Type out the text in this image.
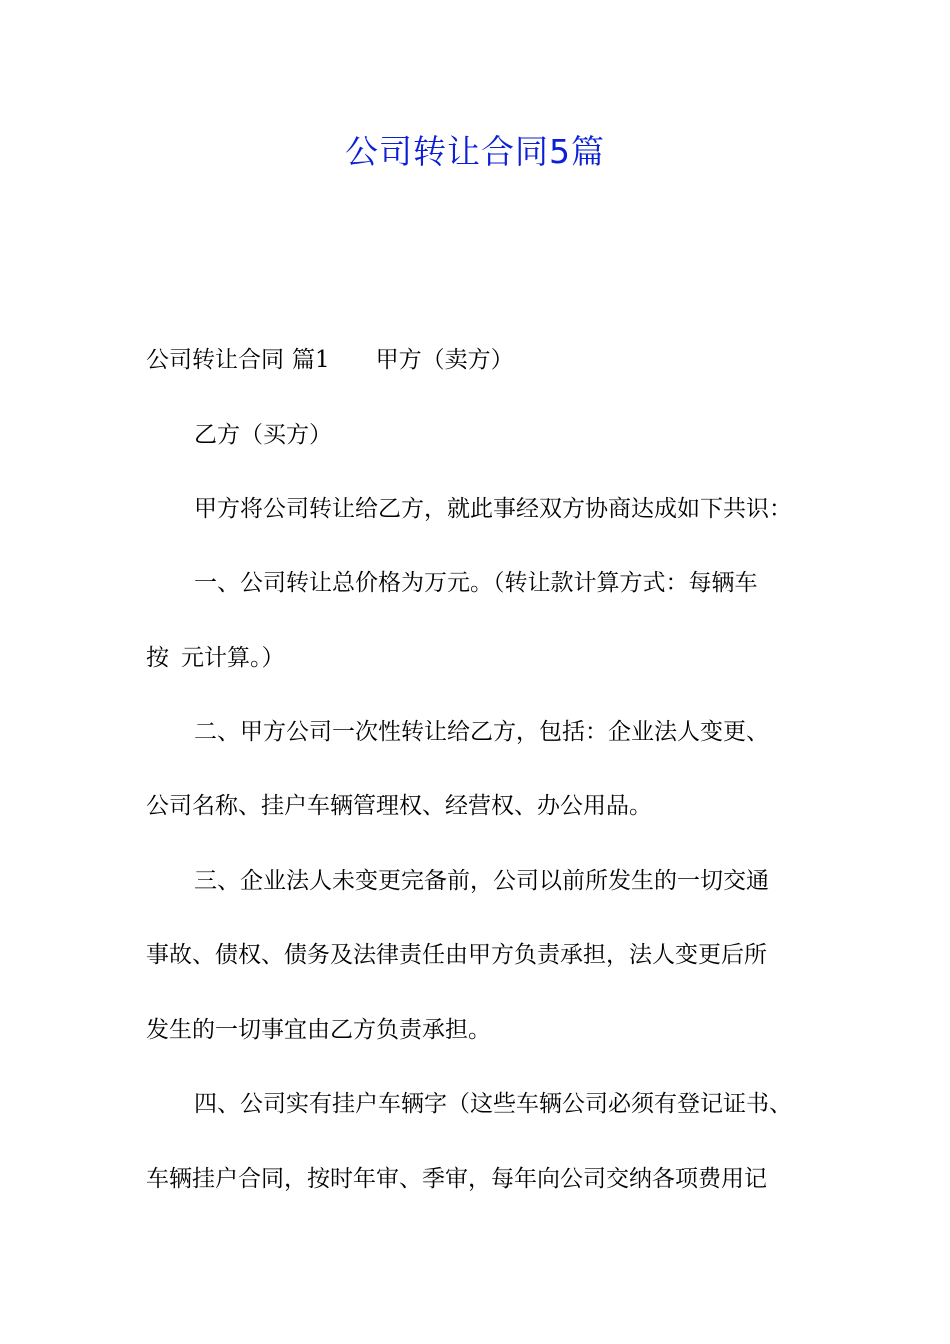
公司转让合同5篇

公司转让合同 篇1 甲方（卖方）

乙方（买方）

甲方将公司转让给乙方，就此事经双方协商达成如下共识：

一、公司转让总价格为万元。（转让款计算方式：每辆车

按 元计算。）

二、甲方公司一次性转让给乙方，包括：企业法人变更、

公司名称、挂户车辆管理权、经营权、办公用品。

三、企业法人未变更完备前，公司以前所发生的一切交通

事故、债权、债务及法律责任由甲方负责承担，法人变更后所

发生的一切事宜由乙方负责承担。

四、公司实有挂户车辆字（这些车辆公司必须有登记证书、

车辆挂户合同，按时年审、季审，每年向公司交纳各项费用记
